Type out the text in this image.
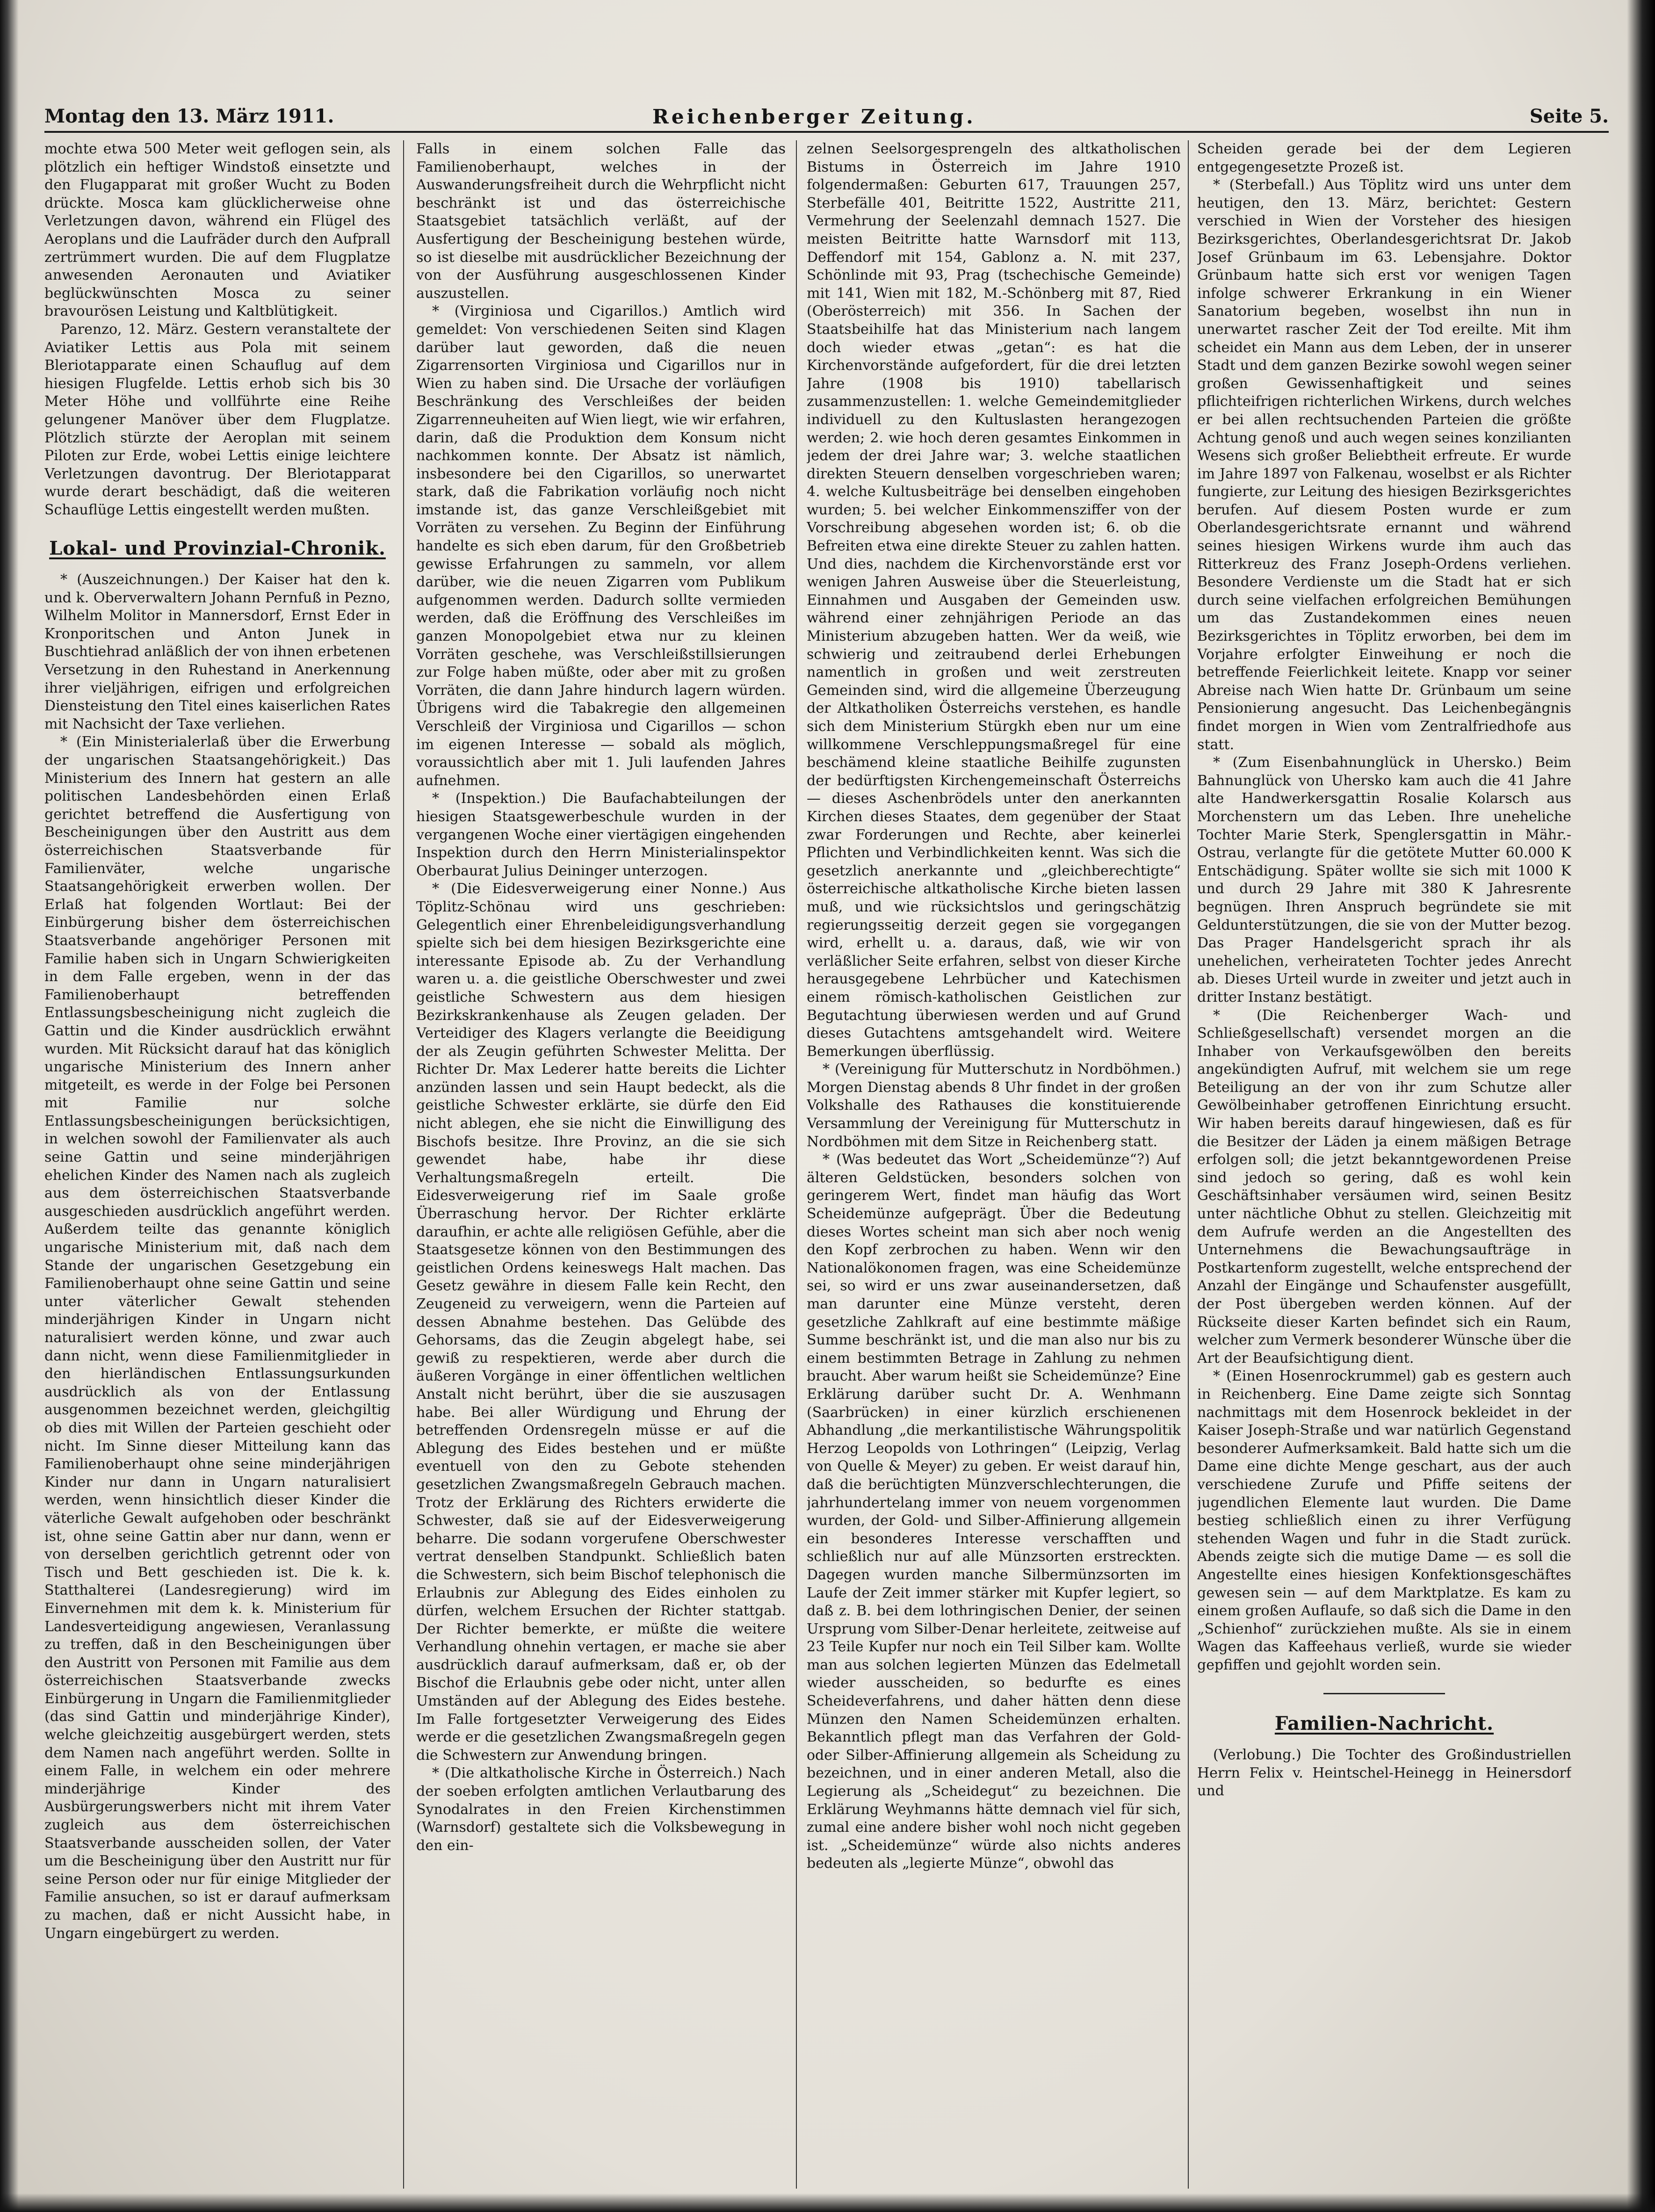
Montag den 13. März 1911.	Reichenberger Zeitung.	Seite 5.

mochte etwa 500 Meter weit geflogen sein, als plötzlich ein heftiger Windstoß einsetzte und den Flugapparat mit großer Wucht zu Boden drückte. Mosca kam glücklicherweise ohne Verletzungen davon, während ein Flügel des Aeroplans und die Laufräder durch den Aufprall zertrümmert wurden. Die auf dem Flugplatze anwesenden Aeronauten und Aviatiker beglückwünschten Mosca zu seiner bravourösen Leistung und Kaltblütigkeit.

Parenzo, 12. März. Gestern veranstaltete der Aviatiker Lettis aus Pola mit seinem Bleriotapparate einen Schauflug auf dem hiesigen Flugfelde. Lettis erhob sich bis 30 Meter Höhe und vollführte eine Reihe gelungener Manöver über dem Flugplatze. Plötzlich stürzte der Aeroplan mit seinem Piloten zur Erde, wobei Lettis einige leichtere Verletzungen davontrug. Der Bleriotapparat wurde derart beschädigt, daß die weiteren Schauflüge Lettis eingestellt werden mußten.

Lokal- und Provinzial-Chronik.

* (Auszeichnungen.) Der Kaiser hat den k. und k. Oberverwaltern Johann Pernfuß in Pezno, Wilhelm Molitor in Mannersdorf, Ernst Eder in Kronporitschen und Anton Junek in Buschtiehrad anläßlich der von ihnen erbetenen Versetzung in den Ruhestand in Anerkennung ihrer vieljährigen, eifrigen und erfolgreichen Diensteistung den Titel eines kaiserlichen Rates mit Nachsicht der Taxe verliehen.

* (Ein Ministerialerlaß über die Erwerbung der ungarischen Staatsangehörigkeit.) Das Ministerium des Innern hat gestern an alle politischen Landesbehörden einen Erlaß gerichtet betreffend die Ausfertigung von Bescheinigungen über den Austritt aus dem österreichischen Staatsverbande für Familienväter, welche ungarische Staatsangehörigkeit erwerben wollen. Der Erlaß hat folgenden Wortlaut: Bei der Einbürgerung bisher dem österreichischen Staatsverbande angehöriger Personen mit Familie haben sich in Ungarn Schwierigkeiten in dem Falle ergeben, wenn in der das Familienoberhaupt betreffenden Entlassungsbescheinigung nicht zugleich die Gattin und die Kinder ausdrücklich erwähnt wurden. Mit Rücksicht darauf hat das königlich ungarische Ministerium des Innern anher mitgeteilt, es werde in der Folge bei Personen mit Familie nur solche Entlassungsbescheinigungen berücksichtigen, in welchen sowohl der Familienvater als auch seine Gattin und seine minderjährigen ehelichen Kinder des Namen nach als zugleich aus dem österreichischen Staatsverbande ausgeschieden ausdrücklich angeführt werden. Außerdem teilte das genannte königlich ungarische Ministerium mit, daß nach dem Stande der ungarischen Gesetzgebung ein Familienoberhaupt ohne seine Gattin und seine unter väterlicher Gewalt stehenden minderjährigen Kinder in Ungarn nicht naturalisiert werden könne, und zwar auch dann nicht, wenn diese Familienmitglieder in den hierländischen Entlassungsurkunden ausdrücklich als von der Entlassung ausgenommen bezeichnet werden, gleichgiltig ob dies mit Willen der Parteien geschieht oder nicht. Im Sinne dieser Mitteilung kann das Familienoberhaupt ohne seine minderjährigen Kinder nur dann in Ungarn naturalisiert werden, wenn hinsichtlich dieser Kinder die väterliche Gewalt aufgehoben oder beschränkt ist, ohne seine Gattin aber nur dann, wenn er von derselben gerichtlich getrennt oder von Tisch und Bett geschieden ist. Die k. k. Statthalterei (Landesregierung) wird im Einvernehmen mit dem k. k. Ministerium für Landesverteidigung angewiesen, Veranlassung zu treffen, daß in den Bescheinigungen über den Austritt von Personen mit Familie aus dem österreichischen Staatsverbande zwecks Einbürgerung in Ungarn die Familienmitglieder (das sind Gattin und minderjährige Kinder), welche gleichzeitig ausgebürgert werden, stets dem Namen nach angeführt werden. Sollte in einem Falle, in welchem ein oder mehrere minderjährige Kinder des Ausbürgerungswerbers nicht mit ihrem Vater zugleich aus dem österreichischen Staatsverbande ausscheiden sollen, der Vater um die Bescheinigung über den Austritt nur für seine Person oder nur für einige Mitglieder der Familie ansuchen, so ist er darauf aufmerksam zu machen, daß er nicht Aussicht habe, in Ungarn eingebürgert zu werden.

Falls in einem solchen Falle das Familienoberhaupt, welches in der Auswanderungsfreiheit durch die Wehrpflicht nicht beschränkt ist und das österreichische Staatsgebiet tatsächlich verläßt, auf der Ausfertigung der Bescheinigung bestehen würde, so ist dieselbe mit ausdrücklicher Bezeichnung der von der Ausführung ausgeschlossenen Kinder auszustellen.

* (Virginiosa und Cigarillos.) Amtlich wird gemeldet: Von verschiedenen Seiten sind Klagen darüber laut geworden, daß die neuen Zigarrensorten Virginiosa und Cigarillos nur in Wien zu haben sind. Die Ursache der vorläufigen Beschränkung des Verschleißes der beiden Zigarrenneuheiten auf Wien liegt, wie wir erfahren, darin, daß die Produktion dem Konsum nicht nachkommen konnte. Der Absatz ist nämlich, insbesondere bei den Cigarillos, so unerwartet stark, daß die Fabrikation vorläufig noch nicht imstande ist, das ganze Verschleißgebiet mit Vorräten zu versehen. Zu Beginn der Einführung handelte es sich eben darum, für den Großbetrieb gewisse Erfahrungen zu sammeln, vor allem darüber, wie die neuen Zigarren vom Publikum aufgenommen werden. Dadurch sollte vermieden werden, daß die Eröffnung des Verschleißes im ganzen Monopolgebiet etwa nur zu kleinen Vorräten geschehe, was Verschleißstillsierungen zur Folge haben müßte, oder aber mit zu großen Vorräten, die dann Jahre hindurch lagern würden. Übrigens wird die Tabakregie den allgemeinen Verschleiß der Virginiosa und Cigarillos — schon im eigenen Interesse — sobald als möglich, voraussichtlich aber mit 1. Juli laufenden Jahres aufnehmen.

* (Inspektion.) Die Baufachabteilungen der hiesigen Staatsgewerbeschule wurden in der vergangenen Woche einer viertägigen eingehenden Inspektion durch den Herrn Ministerialinspektor Oberbaurat Julius Deininger unterzogen.

* (Die Eidesverweigerung einer Nonne.) Aus Töplitz-Schönau wird uns geschrieben: Gelegentlich einer Ehrenbeleidigungsverhandlung spielte sich bei dem hiesigen Bezirksgerichte eine interessante Episode ab. Zu der Verhandlung waren u. a. die geistliche Oberschwester und zwei geistliche Schwestern aus dem hiesigen Bezirkskrankenhause als Zeugen geladen. Der Verteidiger des Klagers verlangte die Beeidigung der als Zeugin geführten Schwester Melitta. Der Richter Dr. Max Lederer hatte bereits die Lichter anzünden lassen und sein Haupt bedeckt, als die geistliche Schwester erklärte, sie dürfe den Eid nicht ablegen, ehe sie nicht die Einwilligung des Bischofs besitze. Ihre Provinz, an die sie sich gewendet habe, habe ihr diese Verhaltungsmaßregeln erteilt. Die Eidesverweigerung rief im Saale große Überraschung hervor. Der Richter erklärte daraufhin, er achte alle religiösen Gefühle, aber die Staatsgesetze können von den Bestimmungen des geistlichen Ordens keineswegs Halt machen. Das Gesetz gewähre in diesem Falle kein Recht, den Zeugeneid zu verweigern, wenn die Parteien auf dessen Abnahme bestehen. Das Gelübde des Gehorsams, das die Zeugin abgelegt habe, sei gewiß zu respektieren, werde aber durch die äußeren Vorgänge in einer öffentlichen weltlichen Anstalt nicht berührt, über die sie auszusagen habe. Bei aller Würdigung und Ehrung der betreffenden Ordensregeln müsse er auf die Ablegung des Eides bestehen und er müßte eventuell von den zu Gebote stehenden gesetzlichen Zwangsmaßregeln Gebrauch machen. Trotz der Erklärung des Richters erwiderte die Schwester, daß sie auf der Eidesverweigerung beharre. Die sodann vorgerufene Oberschwester vertrat denselben Standpunkt. Schließlich baten die Schwestern, sich beim Bischof telephonisch die Erlaubnis zur Ablegung des Eides einholen zu dürfen, welchem Ersuchen der Richter stattgab. Der Richter bemerkte, er müßte die weitere Verhandlung ohnehin vertagen, er mache sie aber ausdrücklich darauf aufmerksam, daß er, ob der Bischof die Erlaubnis gebe oder nicht, unter allen Umständen auf der Ablegung des Eides bestehe. Im Falle fortgesetzter Verweigerung des Eides werde er die gesetzlichen Zwangsmaßregeln gegen die Schwestern zur Anwendung bringen.

* (Die altkatholische Kirche in Österreich.) Nach der soeben erfolgten amtlichen Verlautbarung des Synodalrates in den Freien Kirchenstimmen (Warnsdorf) gestaltete sich die Volksbewegung in den ein-

zelnen Seelsorgesprengeln des altkatholischen Bistums in Österreich im Jahre 1910 folgendermaßen: Geburten 617, Trauungen 257, Sterbefälle 401, Beitritte 1522, Austritte 211, Vermehrung der Seelenzahl demnach 1527. Die meisten Beitritte hatte Warnsdorf mit 113, Deffendorf mit 154, Gablonz a. N. mit 237, Schönlinde mit 93, Prag (tschechische Gemeinde) mit 141, Wien mit 182, M.-Schönberg mit 87, Ried (Oberösterreich) mit 356. In Sachen der Staatsbeihilfe hat das Ministerium nach langem doch wieder etwas „getan“: es hat die Kirchenvorstände aufgefordert, für die drei letzten Jahre (1908 bis 1910) tabellarisch zusammenzustellen: 1. welche Gemeindemitglieder individuell zu den Kultuslasten herangezogen werden; 2. wie hoch deren gesamtes Einkommen in jedem der drei Jahre war; 3. welche staatlichen direkten Steuern denselben vorgeschrieben waren; 4. welche Kultusbeiträge bei denselben eingehoben wurden; 5. bei welcher Einkommensziffer von der Vorschreibung abgesehen worden ist; 6. ob die Befreiten etwa eine direkte Steuer zu zahlen hatten. Und dies, nachdem die Kirchenvorstände erst vor wenigen Jahren Ausweise über die Steuerleistung, Einnahmen und Ausgaben der Gemeinden usw. während einer zehnjährigen Periode an das Ministerium abzugeben hatten. Wer da weiß, wie schwierig und zeitraubend derlei Erhebungen namentlich in großen und weit zerstreuten Gemeinden sind, wird die allgemeine Überzeugung der Altkatholiken Österreichs verstehen, es handle sich dem Ministerium Stürgkh eben nur um eine willkommene Verschleppungsmaßregel für eine beschämend kleine staatliche Beihilfe zugunsten der bedürftigsten Kirchengemeinschaft Österreichs — dieses Aschenbrödels unter den anerkannten Kirchen dieses Staates, dem gegenüber der Staat zwar Forderungen und Rechte, aber keinerlei Pflichten und Verbindlichkeiten kennt. Was sich die gesetzlich anerkannte und „gleichberechtigte“ österreichische altkatholische Kirche bieten lassen muß, und wie rücksichtslos und geringschätzig regierungsseitig derzeit gegen sie vorgegangen wird, erhellt u. a. daraus, daß, wie wir von verläßlicher Seite erfahren, selbst von dieser Kirche herausgegebene Lehrbücher und Katechismen einem römisch-katholischen Geistlichen zur Begutachtung überwiesen werden und auf Grund dieses Gutachtens amtsgehandelt wird. Weitere Bemerkungen überflüssig.

* (Vereinigung für Mutterschutz in Nordböhmen.) Morgen Dienstag abends 8 Uhr findet in der großen Volkshalle des Rathauses die konstituierende Versammlung der Vereinigung für Mutterschutz in Nordböhmen mit dem Sitze in Reichenberg statt.

* (Was bedeutet das Wort „Scheidemünze“?) Auf älteren Geldstücken, besonders solchen von geringerem Wert, findet man häufig das Wort Scheidemünze aufgeprägt. Über die Bedeutung dieses Wortes scheint man sich aber noch wenig den Kopf zerbrochen zu haben. Wenn wir den Nationalökonomen fragen, was eine Scheidemünze sei, so wird er uns zwar auseinandersetzen, daß man darunter eine Münze versteht, deren gesetzliche Zahlkraft auf eine bestimmte mäßige Summe beschränkt ist, und die man also nur bis zu einem bestimmten Betrage in Zahlung zu nehmen braucht. Aber warum heißt sie Scheidemünze? Eine Erklärung darüber sucht Dr. A. Wenhmann (Saarbrücken) in einer kürzlich erschienenen Abhandlung „die merkantilistische Währungspolitik Herzog Leopolds von Lothringen“ (Leipzig, Verlag von Quelle & Meyer) zu geben. Er weist darauf hin, daß die berüchtigten Münzverschlechterungen, die jahrhundertelang immer von neuem vorgenommen wurden, der Gold- und Silber-Affinierung allgemein ein besonderes Interesse verschafften und schließlich nur auf alle Münzsorten erstreckten. Dagegen wurden manche Silbermünzsorten im Laufe der Zeit immer stärker mit Kupfer legiert, so daß z. B. bei dem lothringischen Denier, der seinen Ursprung vom Silber-Denar herleitete, zeitweise auf 23 Teile Kupfer nur noch ein Teil Silber kam. Wollte man aus solchen legierten Münzen das Edelmetall wieder ausscheiden, so bedurfte es eines Scheideverfahrens, und daher hätten denn diese Münzen den Namen Scheidemünzen erhalten. Bekanntlich pflegt man das Verfahren der Gold- oder Silber-Affinierung allgemein als Scheidung zu bezeichnen, und in einer anderen Metall, also die Legierung als „Scheidegut“ zu bezeichnen. Die Erklärung Weyhmanns hätte demnach viel für sich, zumal eine andere bisher wohl noch nicht gegeben ist. „Scheidemünze“ würde also nichts anderes bedeuten als „legierte Münze“, obwohl das

Scheiden gerade bei der dem Legieren entgegengesetzte Prozeß ist.

* (Sterbefall.) Aus Töplitz wird uns unter dem heutigen, den 13. März, berichtet: Gestern verschied in Wien der Vorsteher des hiesigen Bezirksgerichtes, Oberlandesgerichtsrat Dr. Jakob Josef Grünbaum im 63. Lebensjahre. Doktor Grünbaum hatte sich erst vor wenigen Tagen infolge schwerer Erkrankung in ein Wiener Sanatorium begeben, woselbst ihn nun in unerwartet rascher Zeit der Tod ereilte. Mit ihm scheidet ein Mann aus dem Leben, der in unserer Stadt und dem ganzen Bezirke sowohl wegen seiner großen Gewissenhaftigkeit und seines pflichteifrigen richterlichen Wirkens, durch welches er bei allen rechtsuchenden Parteien die größte Achtung genoß und auch wegen seines konzilianten Wesens sich großer Beliebtheit erfreute. Er wurde im Jahre 1897 von Falkenau, woselbst er als Richter fungierte, zur Leitung des hiesigen Bezirksgerichtes berufen. Auf diesem Posten wurde er zum Oberlandesgerichtsrate ernannt und während seines hiesigen Wirkens wurde ihm auch das Ritterkreuz des Franz Joseph-Ordens verliehen. Besondere Verdienste um die Stadt hat er sich durch seine vielfachen erfolgreichen Bemühungen um das Zustandekommen eines neuen Bezirksgerichtes in Töplitz erworben, bei dem im Vorjahre erfolgter Einweihung er noch die betreffende Feierlichkeit leitete. Knapp vor seiner Abreise nach Wien hatte Dr. Grünbaum um seine Pensionierung angesucht. Das Leichenbegängnis findet morgen in Wien vom Zentralfriedhofe aus statt.

* (Zum Eisenbahnunglück in Uhersko.) Beim Bahnunglück von Uhersko kam auch die 41 Jahre alte Handwerkersgattin Rosalie Kolarsch aus Morchenstern um das Leben. Ihre uneheliche Tochter Marie Sterk, Spenglersgattin in Mähr.-Ostrau, verlangte für die getötete Mutter 60.000 K Entschädigung. Später wollte sie sich mit 1000 K und durch 29 Jahre mit 380 K Jahresrente begnügen. Ihren Anspruch begründete sie mit Geldunterstützungen, die sie von der Mutter bezog. Das Prager Handelsgericht sprach ihr als unehelichen, verheirateten Tochter jedes Anrecht ab. Dieses Urteil wurde in zweiter und jetzt auch in dritter Instanz bestätigt.

* (Die Reichenberger Wach- und Schließgesellschaft) versendet morgen an die Inhaber von Verkaufsgewölben den bereits angekündigten Aufruf, mit welchem sie um rege Beteiligung an der von ihr zum Schutze aller Gewölbeinhaber getroffenen Einrichtung ersucht. Wir haben bereits darauf hingewiesen, daß es für die Besitzer der Läden ja einem mäßigen Betrage erfolgen soll; die jetzt bekanntgewordenen Preise sind jedoch so gering, daß es wohl kein Geschäftsinhaber versäumen wird, seinen Besitz unter nächtliche Obhut zu stellen. Gleichzeitig mit dem Aufrufe werden an die Angestellten des Unternehmens die Bewachungsaufträge in Postkartenform zugestellt, welche entsprechend der Anzahl der Eingänge und Schaufenster ausgefüllt, der Post übergeben werden können. Auf der Rückseite dieser Karten befindet sich ein Raum, welcher zum Vermerk besonderer Wünsche über die Art der Beaufsichtigung dient.

* (Einen Hosenrockrummel) gab es gestern auch in Reichenberg. Eine Dame zeigte sich Sonntag nachmittags mit dem Hosenrock bekleidet in der Kaiser Joseph-Straße und war natürlich Gegenstand besonderer Aufmerksamkeit. Bald hatte sich um die Dame eine dichte Menge geschart, aus der auch verschiedene Zurufe und Pfiffe seitens der jugendlichen Elemente laut wurden. Die Dame bestieg schließlich einen zu ihrer Verfügung stehenden Wagen und fuhr in die Stadt zurück. Abends zeigte sich die mutige Dame — es soll die Angestellte eines hiesigen Konfektionsgeschäftes gewesen sein — auf dem Marktplatze. Es kam zu einem großen Auflaufe, so daß sich die Dame in den „Schienhof“ zurückziehen mußte. Als sie in einem Wagen das Kaffeehaus verließ, wurde sie wieder gepfiffen und gejohlt worden sein.

Familien-Nachricht.

(Verlobung.) Die Tochter des Großindustriellen Herrn Felix v. Heintschel-Heinegg in Heinersdorf und
